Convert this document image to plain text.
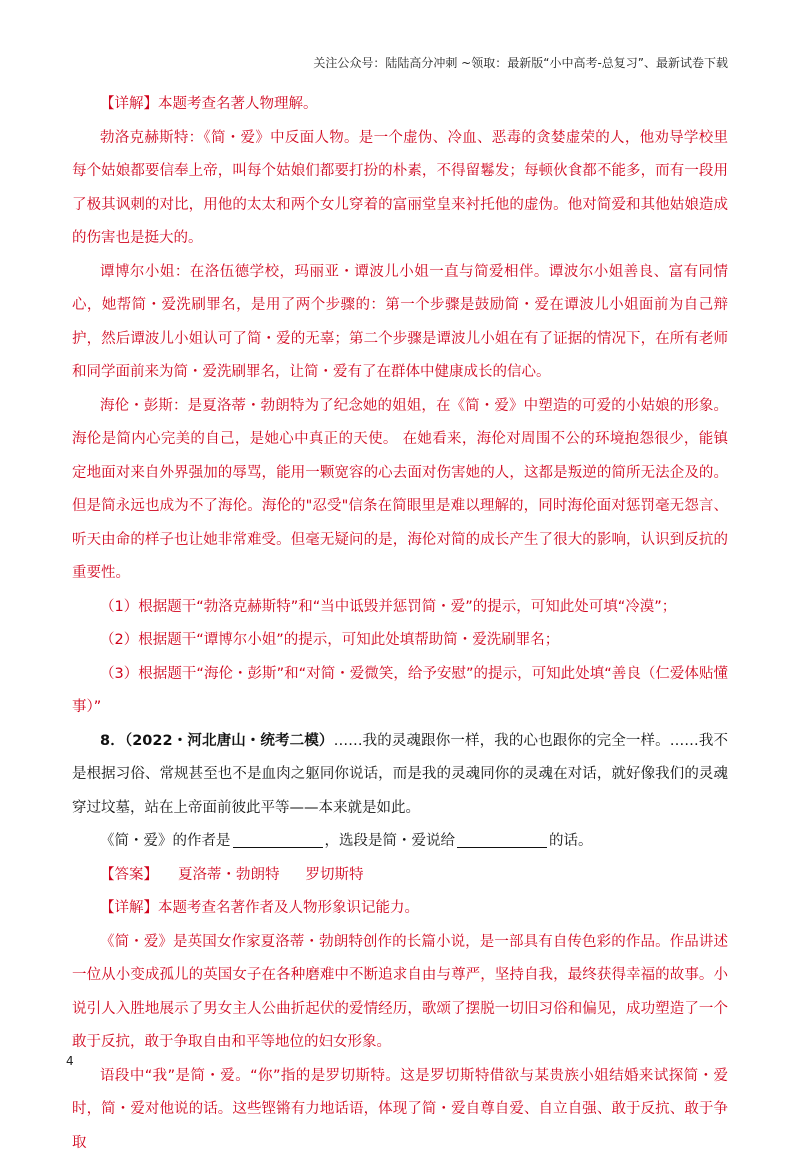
关注公众号：陆陆高分冲刺 ~领取：最新版“小中高考-总复习”、最新试卷下载

【详解】本题考查名著人物理解。

勃洛克赫斯特：《简・爱》中反面人物。是一个虚伪、冷血、恶毒的贪婪虚荣的人，他劝导学校里每个姑娘都要信奉上帝，叫每个姑娘们都要打扮的朴素，不得留鬈发；每顿伙食都不能多，而有一段用了极其讽刺的对比，用他的太太和两个女儿穿着的富丽堂皇来衬托他的虚伪。他对简爱和其他姑娘造成的伤害也是挺大的。

谭博尔小姐：在洛伍德学校，玛丽亚・谭波儿小姐一直与简爱相伴。谭波尔小姐善良、富有同情心，她帮简・爱洗刷罪名，是用了两个步骤的：第一个步骤是鼓励简・爱在谭波儿小姐面前为自己辩护，然后谭波儿小姐认可了简・爱的无辜；第二个步骤是谭波儿小姐在有了证据的情况下，在所有老师和同学面前来为简・爱洗刷罪名，让简・爱有了在群体中健康成长的信心。

海伦・彭斯：是夏洛蒂・勃朗特为了纪念她的姐姐，在《简・爱》中塑造的可爱的小姑娘的形象。海伦是简内心完美的自己，是她心中真正的天使。 在她看来，海伦对周围不公的环境抱怨很少，能镇定地面对来自外界强加的辱骂，能用一颗宽容的心去面对伤害她的人，这都是叛逆的简所无法企及的。但是简永远也成为不了海伦。海伦的"忍受"信条在简眼里是难以理解的，同时海伦面对惩罚毫无怨言、听天由命的样子也让她非常难受。但毫无疑问的是，海伦对简的成长产生了很大的影响，认识到反抗的重要性。

（1）根据题干“勃洛克赫斯特”和“当中诋毁并惩罚简・爱”的提示，可知此处可填“冷漠”；

（2）根据题干“谭博尔小姐”的提示，可知此处填帮助简・爱洗刷罪名；

（3）根据题干“海伦・彭斯”和“对简・爱微笑，给予安慰”的提示，可知此处填“善良（仁爱体贴懂事）”

8．（2022・河北唐山・统考二模）……我的灵魂跟你一样，我的心也跟你的完全一样。……我不是根据习俗、常规甚至也不是血肉之躯同你说话，而是我的灵魂同你的灵魂在对话，就好像我们的灵魂穿过坟墓，站在上帝面前彼此平等——本来就是如此。

《简・爱》的作者是	，选段是简・爱说给	的话。

【答案】 夏洛蒂・勃朗特 罗切斯特

【详解】本题考查名著作者及人物形象识记能力。

《简・爱》是英国女作家夏洛蒂・勃朗特创作的长篇小说，是一部具有自传色彩的作品。作品讲述一位从小变成孤儿的英国女子在各种磨难中不断追求自由与尊严，坚持自我，最终获得幸福的故事。小说引人入胜地展示了男女主人公曲折起伏的爱情经历，歌颂了摆脱一切旧习俗和偏见，成功塑造了一个敢于反抗，敢于争取自由和平等地位的妇女形象。

语段中“我”是简・爱。“你”指的是罗切斯特。这是罗切斯特借欲与某贵族小姐结婚来试探简・爱时，简・爱对他说的话。这些铿锵有力地话语，体现了简・爱自尊自爱、自立自强、敢于反抗、敢于争取

4
